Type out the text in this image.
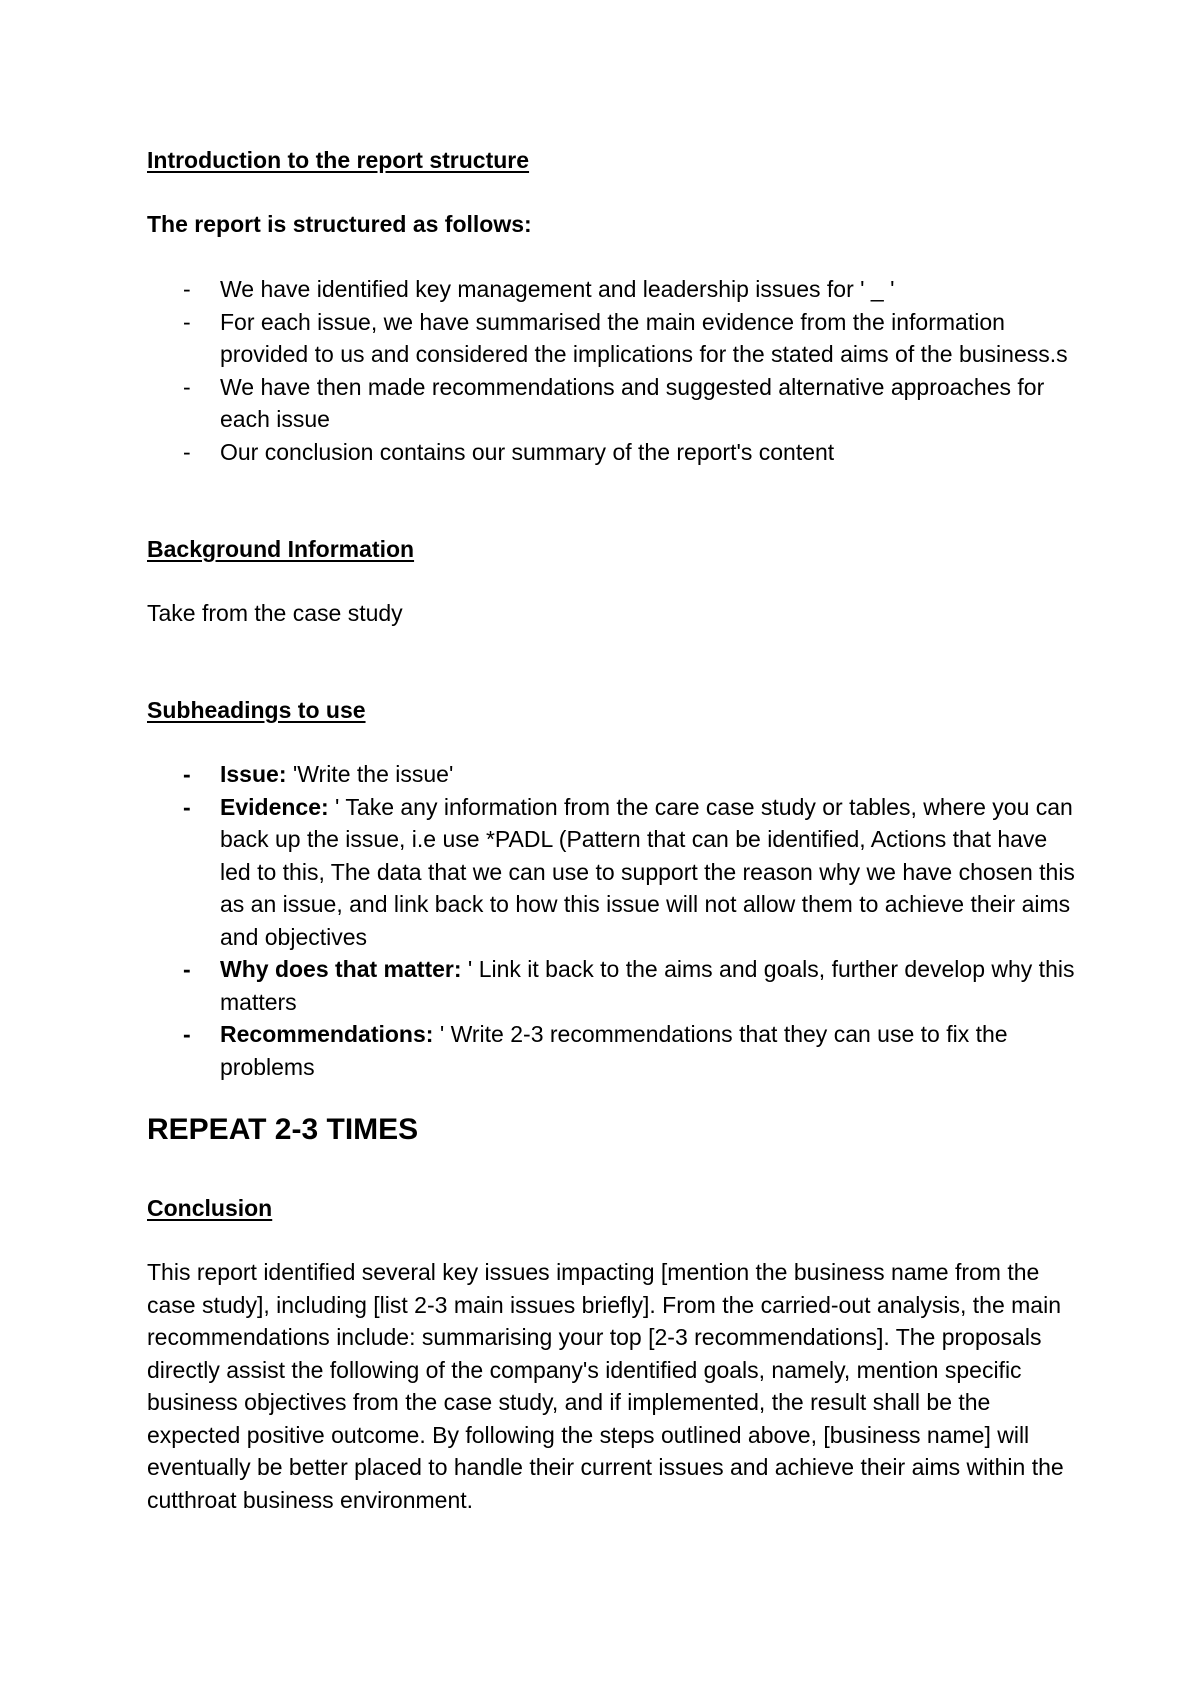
Introduction to the report structure

The report is structured as follows:

- We have identified key management and leadership issues for ' _ '
- For each issue, we have summarised the main evidence from the information provided to us and considered the implications for the stated aims of the business.s
- We have then made recommendations and suggested alternative approaches for each issue
- Our conclusion contains our summary of the report's content

Background Information

Take from the case study

Subheadings to use

- Issue: 'Write the issue'
- Evidence: ' Take any information from the care case study or tables, where you can back up the issue, i.e use *PADL (Pattern that can be identified, Actions that have led to this, The data that we can use to support the reason why we have chosen this as an issue, and link back to how this issue will not allow them to achieve their aims and objectives
- Why does that matter: ' Link it back to the aims and goals, further develop why this matters
- Recommendations: ' Write 2-3 recommendations that they can use to fix the problems

REPEAT 2-3 TIMES

Conclusion

This report identified several key issues impacting [mention the business name from the case study], including [list 2-3 main issues briefly]. From the carried-out analysis, the main recommendations include: summarising your top [2-3 recommendations]. The proposals directly assist the following of the company's identified goals, namely, mention specific business objectives from the case study, and if implemented, the result shall be the expected positive outcome. By following the steps outlined above, [business name] will eventually be better placed to handle their current issues and achieve their aims within the cutthroat business environment.
